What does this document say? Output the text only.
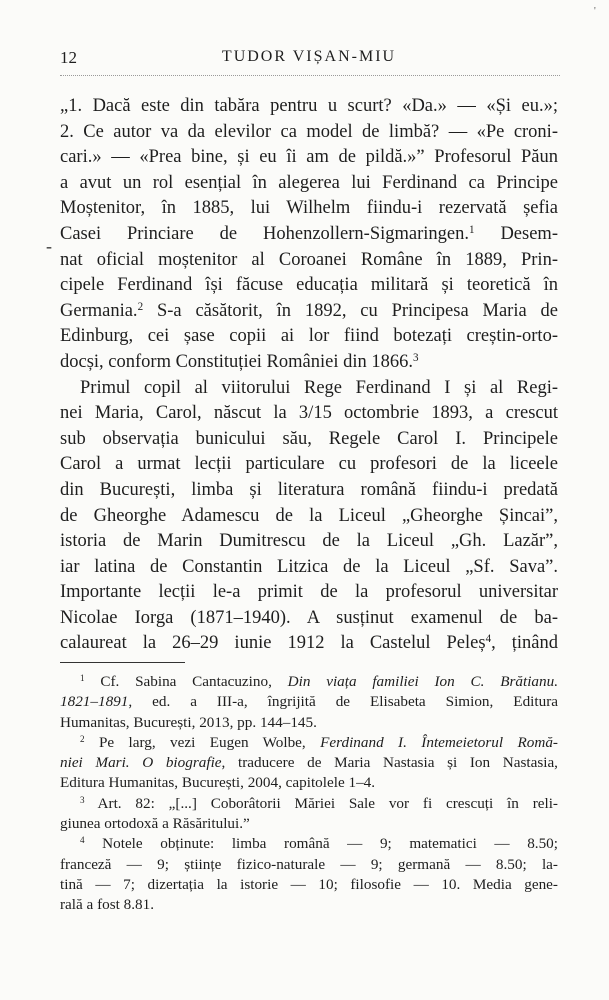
'
12	TUDOR VIȘAN-MIU
-
„1. Dacă este din tabăra pentru u scurt? «Da.» — «Și eu.»;
2. Ce autor va da elevilor ca model de limbă? — «Pe croni-
cari.» — «Prea bine, și eu îi am de pildă.»” Profesorul Păun
a avut un rol esențial în alegerea lui Ferdinand ca Principe
Moștenitor, în 1885, lui Wilhelm fiindu-i rezervată șefia
Casei Princiare de Hohenzollern-Sigmaringen.$^1$ Desem-
nat oficial moștenitor al Coroanei Române în 1889, Prin-
cipele Ferdinand își făcuse educația militară și teoretică în
Germania.$^2$ S-a căsătorit, în 1892, cu Principesa Maria de
Edinburg, cei șase copii ai lor fiind botezați creștin-orto-
docși, conform Constituției României din 1866.$^3$
Primul copil al viitorului Rege Ferdinand I și al Regi-
nei Maria, Carol, născut la 3/15 octombrie 1893, a crescut
sub observația bunicului său, Regele Carol I. Principele
Carol a urmat lecții particulare cu profesori de la liceele
din București, limba și literatura română fiindu-i predată
de Gheorghe Adamescu de la Liceul „Gheorghe Șincai”,
istoria de Marin Dumitrescu de la Liceul „Gh. Lazăr”,
iar latina de Constantin Litzica de la Liceul „Sf. Sava”.
Importante lecții le-a primit de la profesorul universitar
Nicolae Iorga (1871–1940). A susținut examenul de ba-
calaureat la 26–29 iunie 1912 la Castelul Peleș$^4$, ținând
$^1$ Cf. Sabina Cantacuzino, Din viața familiei Ion C. Brătianu.
1821–1891, ed. a III-a, îngrijită de Elisabeta Simion, Editura
Humanitas, București, 2013, pp. 144–145.
$^2$ Pe larg, vezi Eugen Wolbe, Ferdinand I. Întemeietorul Romă-
niei Mari. O biografie, traducere de Maria Nastasia și Ion Nastasia,
Editura Humanitas, București, 2004, capitolele 1–4.
$^3$ Art. 82: „[...] Coborâtorii Măriei Sale vor fi crescuți în reli-
giunea ortodoxă a Răsăritului.”
$^4$ Notele obținute: limba română — 9; matematici — 8.50;
franceză — 9; științe fizico-naturale — 9; germană — 8.50; la-
tină — 7; dizertația la istorie — 10; filosofie — 10. Media gene-
rală a fost 8.81.
